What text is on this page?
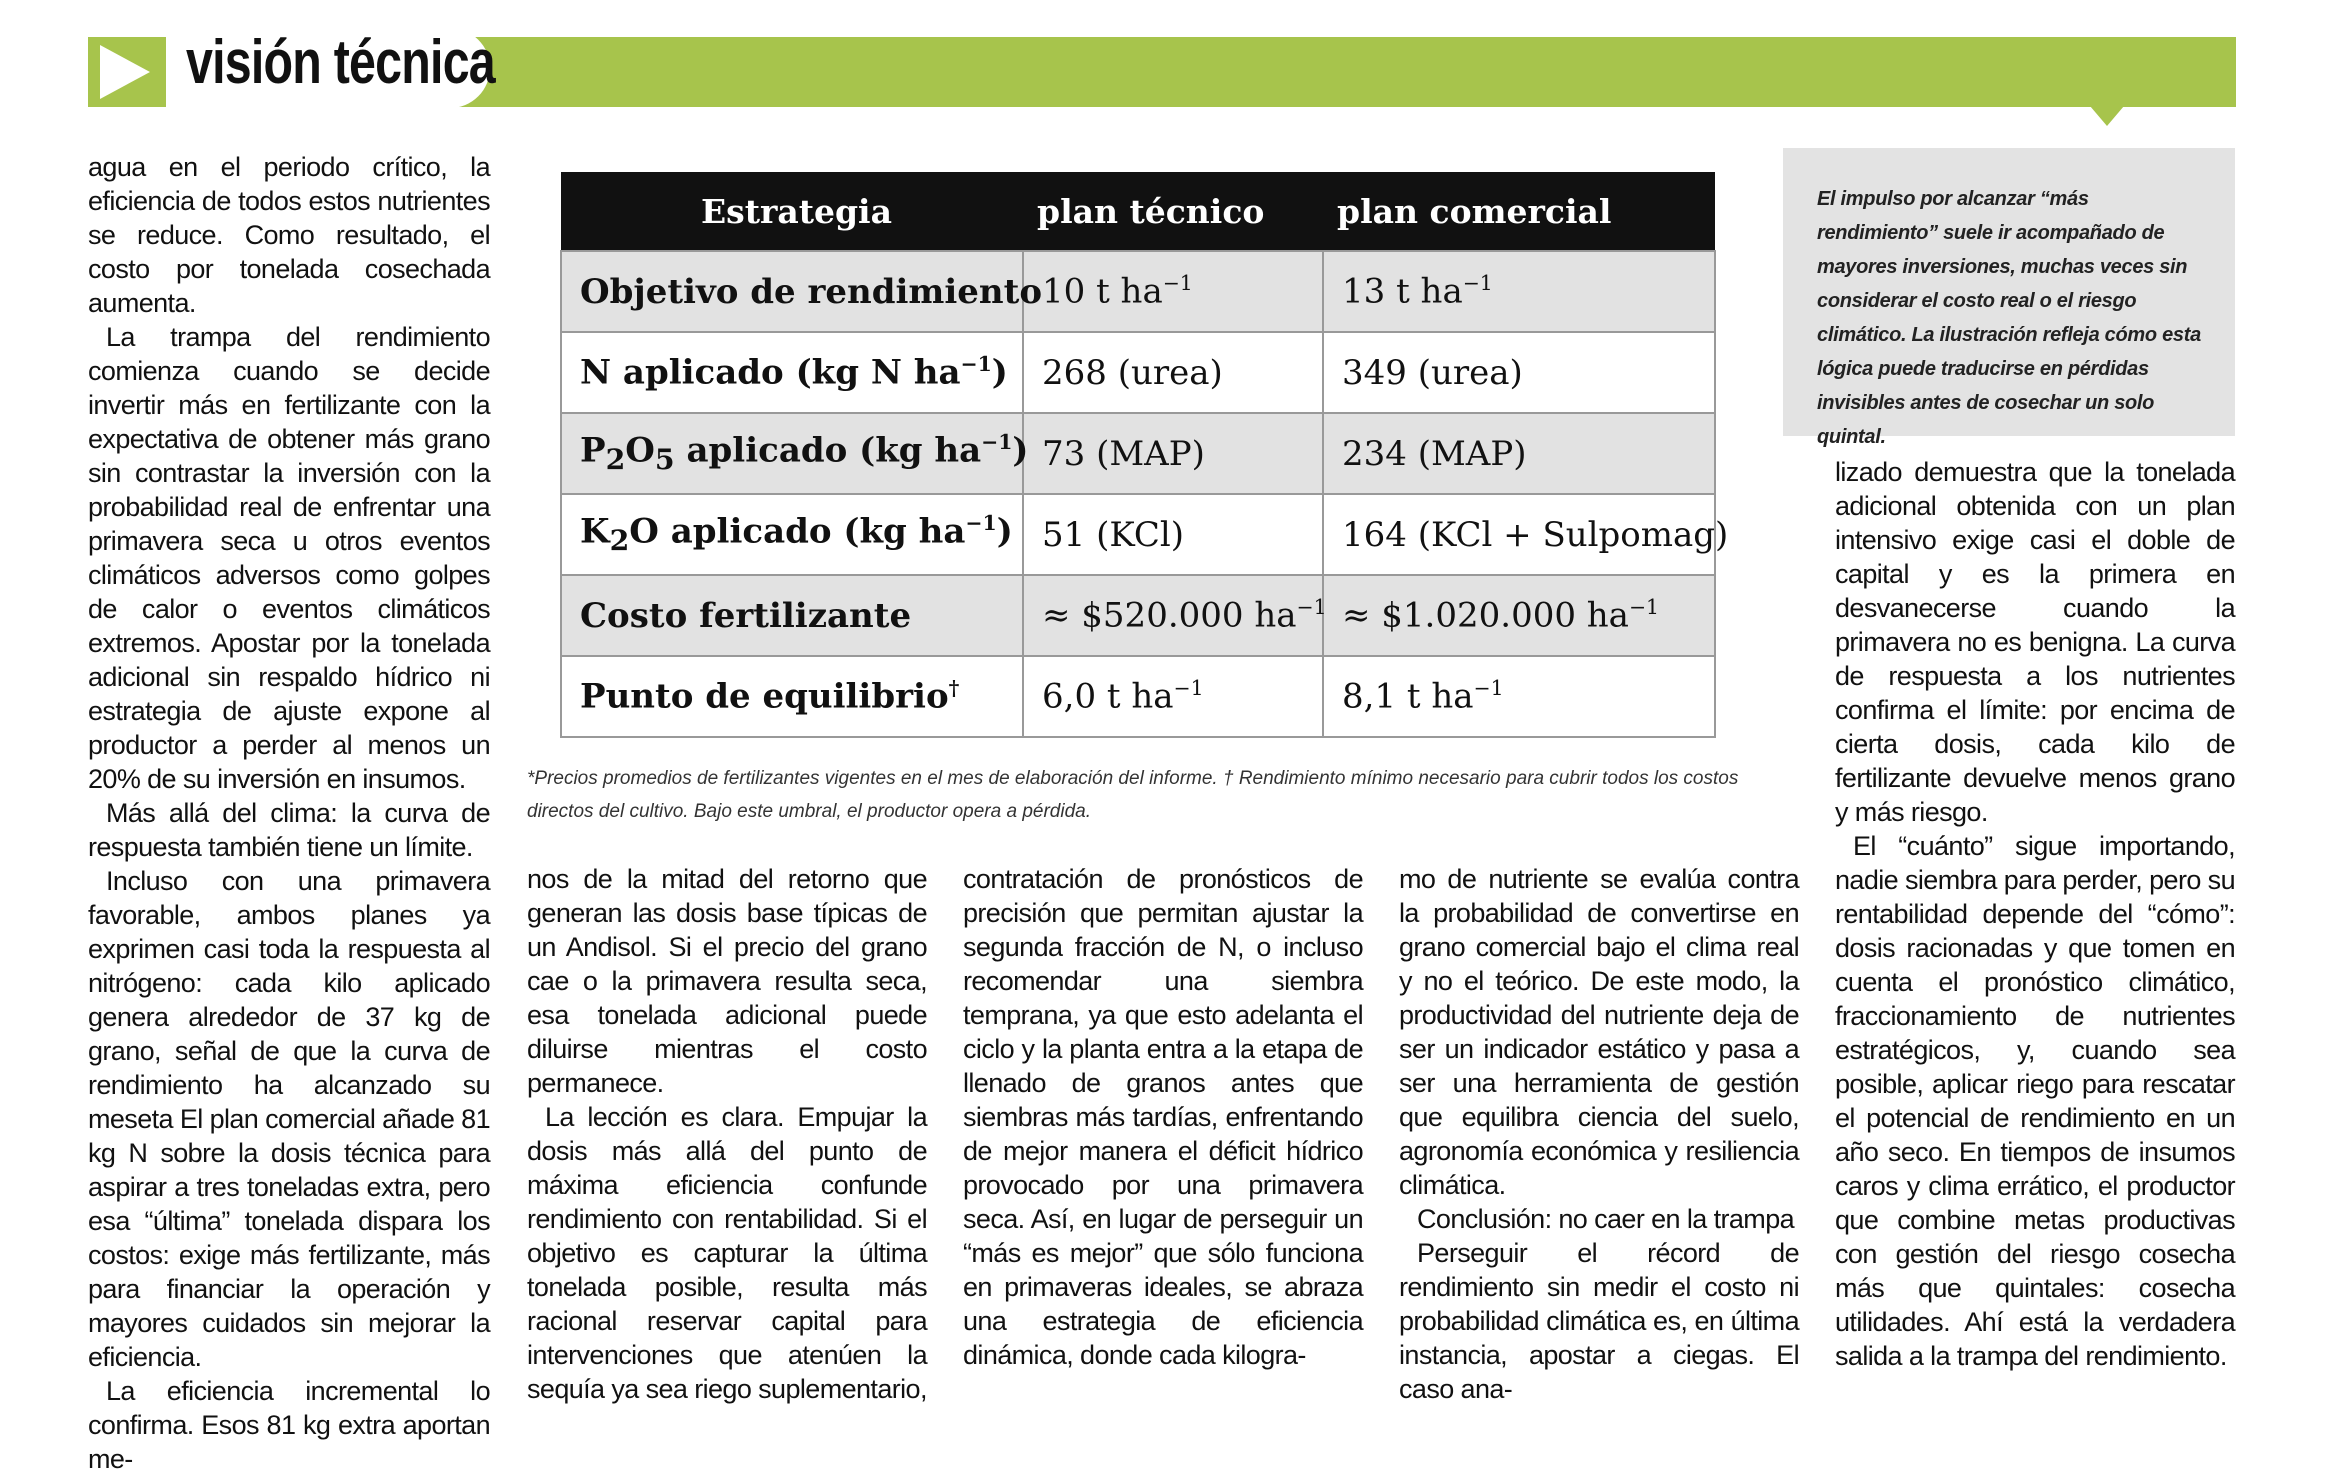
visión técnica

agua en el periodo crítico, la eficiencia de todos estos nutrientes se reduce. Como resultado, el costo por tonelada cosechada aumenta.

La trampa del rendimiento comienza cuando se decide invertir más en fertilizante con la expectativa de obtener más grano sin contrastar la inversión con la probabilidad real de enfrentar una primavera seca u otros eventos climáticos adversos como golpes de calor o eventos climáticos extremos. Apostar por la tonelada adicional sin respaldo hídrico ni estrategia de ajuste expone al productor a perder al menos un 20% de su inversión en insumos.

Más allá del clima: la curva de respuesta también tiene un límite.

Incluso con una primavera favorable, ambos planes ya exprimen casi toda la respuesta al nitrógeno: cada kilo aplicado genera alrededor de 37 kg de grano, señal de que la curva de rendimiento ha alcanzado su meseta El plan comercial añade 81 kg N sobre la dosis técnica para aspirar a tres toneladas extra, pero esa “última” tonelada dispara los costos: exige más fertilizante, más para financiar la operación y mayores cuidados sin mejorar la eficiencia.

La eficiencia incremental lo confirma. Esos 81 kg extra aportan me-

Estrategia	plan técnico	plan comercial
Objetivo de rendimiento	10 t $ha^{-1}$	13 t $ha^{-1}$
N aplicado (kg N $ha^{-1}$)	268 (urea)	349 (urea)
$P_2O_5$ aplicado (kg $ha^{-1}$)	73 (MAP)	234 (MAP)
$K_2O$ aplicado (kg $ha^{-1}$)	51 (KCl)	164 (KCl + Sulpomag)
Costo fertilizante	≈ $520.000 $ha^{-1}$	≈ $1.020.000 $ha^{-1}$
Punto de equilibrio†	6,0 t $ha^{-1}$	8,1 t $ha^{-1}$
*Precios promedios de fertilizantes vigentes en el mes de elaboración del informe. † Rendimiento mínimo necesario para cubrir todos los costos directos del cultivo. Bajo este umbral, el productor opera a pérdida.

El impulso por alcanzar “más rendimiento” suele ir acompañado de mayores inversiones, muchas veces sin considerar el costo real o el riesgo climático. La ilustración refleja cómo esta lógica puede traducirse en pérdidas invisibles antes de cosechar un solo quintal.

nos de la mitad del retorno que generan las dosis base típicas de un Andisol. Si el precio del grano cae o la primavera resulta seca, esa tonelada adicional puede diluirse mientras el costo permanece.

La lección es clara. Empujar la dosis más allá del punto de máxima eficiencia confunde rendimiento con rentabilidad. Si el objetivo es capturar la última tonelada posible, resulta más racional reservar capital para intervenciones que atenúen la sequía ya sea riego suplementario,

contratación de pronósticos de precisión que permitan ajustar la segunda fracción de N, o incluso recomendar una siembra temprana, ya que esto adelanta el ciclo y la planta entra a la etapa de llenado de granos antes que siembras más tardías, enfrentando de mejor manera el déficit hídrico provocado por una primavera seca. Así, en lugar de perseguir un “más es mejor” que sólo funciona en primaveras ideales, se abraza una estrategia de eficiencia dinámica, donde cada kilogra-

mo de nutriente se evalúa contra la probabilidad de convertirse en grano comercial bajo el clima real y no el teórico. De este modo, la productividad del nutriente deja de ser un indicador estático y pasa a ser una herramienta de gestión que equilibra ciencia del suelo, agronomía económica y resiliencia climática.

Conclusión: no caer en la trampa

Perseguir el récord de rendimiento sin medir el costo ni probabilidad climática es, en última instancia, apostar a ciegas. El caso ana-

lizado demuestra que la tonelada adicional obtenida con un plan intensivo exige casi el doble de capital y es la primera en desvanecerse cuando la primavera no es benigna. La curva de respuesta a los nutrientes confirma el límite: por encima de cierta dosis, cada kilo de fertilizante devuelve menos grano y más riesgo.

El “cuánto” sigue importando, nadie siembra para perder, pero su rentabilidad depende del “cómo”: dosis racionadas y que tomen en cuenta el pronóstico climático, fraccionamiento de nutrientes estratégicos, y, cuando sea posible, aplicar riego para rescatar el potencial de rendimiento en un año seco. En tiempos de insumos caros y clima errático, el productor que combine metas productivas con gestión del riesgo cosecha más que quintales: cosecha utilidades. Ahí está la verdadera salida a la trampa del rendimiento.
